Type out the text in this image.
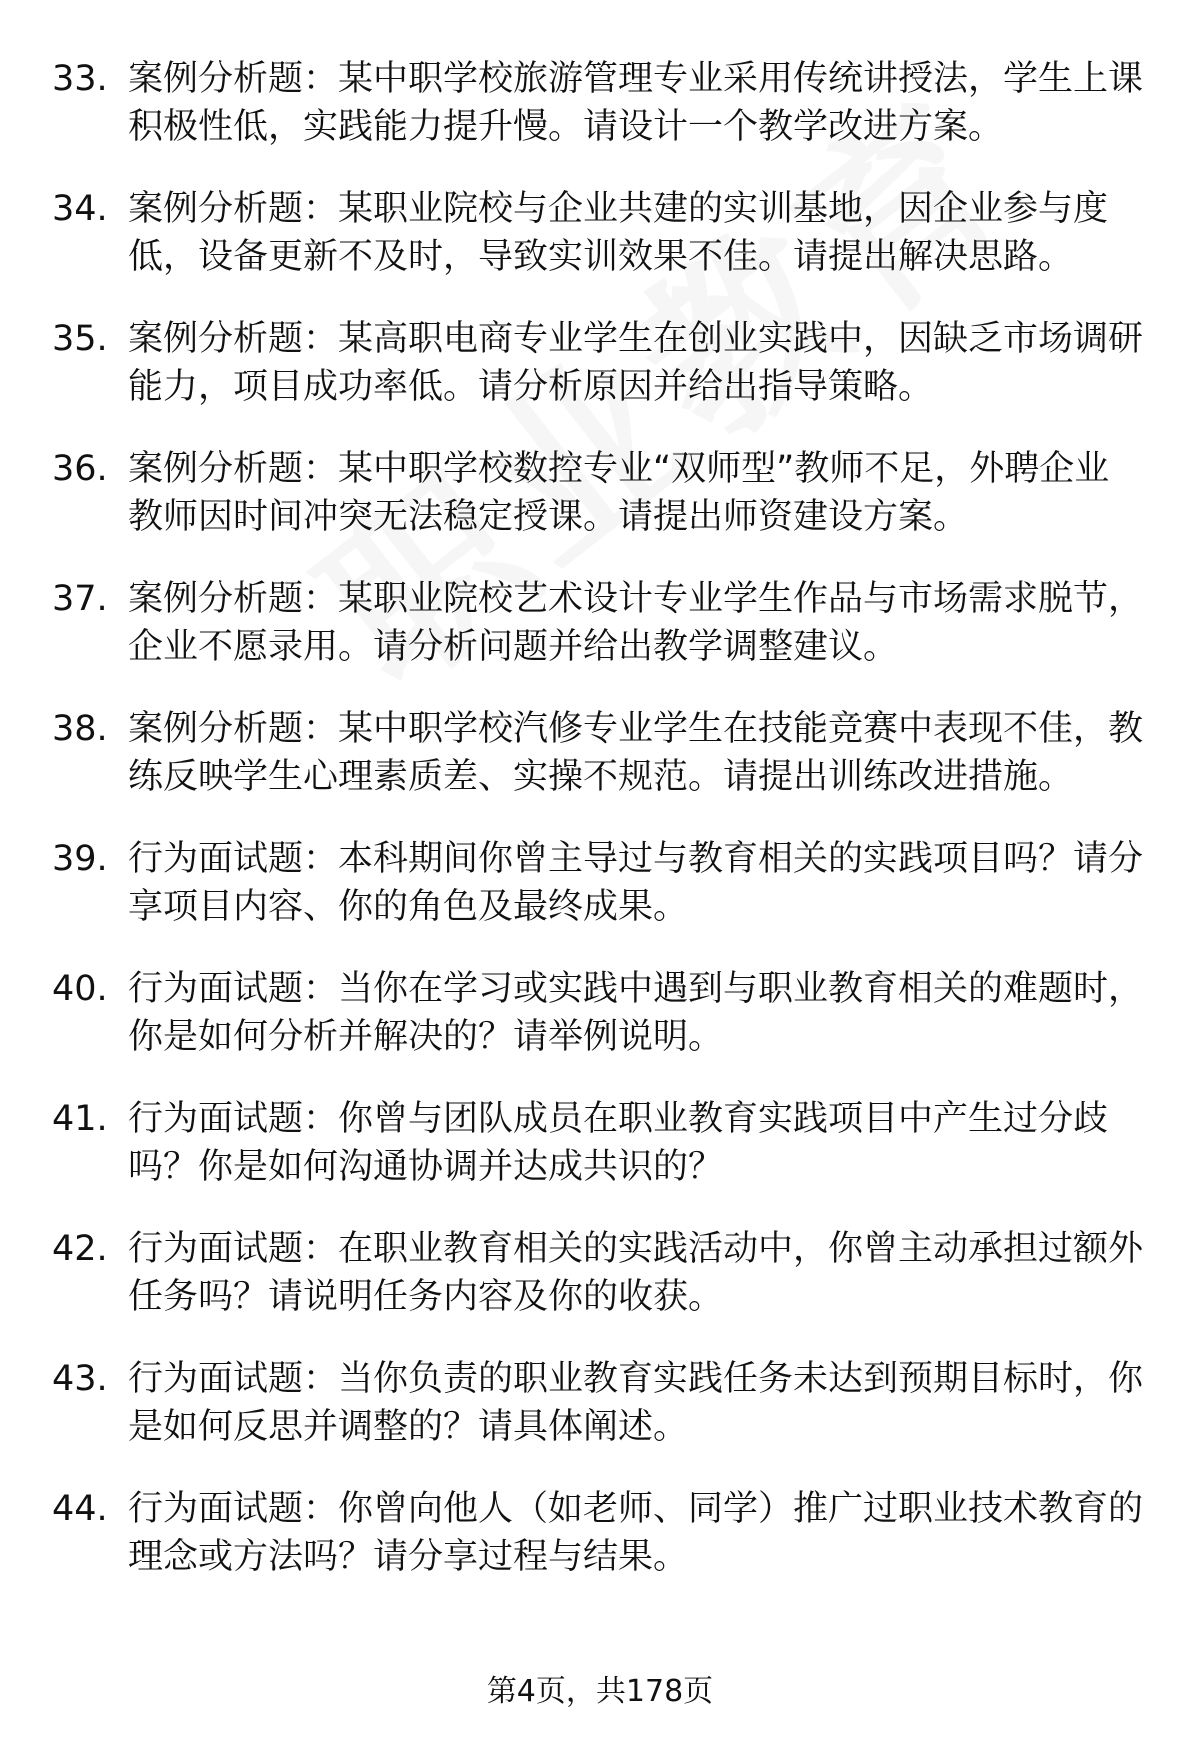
33. 案例分析题：某中职学校旅游管理专业采用传统讲授法，学生上课积极性低，实践能力提升慢。请设计一个教学改进方案。
34. 案例分析题：某职业院校与企业共建的实训基地，因企业参与度低，设备更新不及时，导致实训效果不佳。请提出解决思路。
35. 案例分析题：某高职电商专业学生在创业实践中，因缺乏市场调研能力，项目成功率低。请分析原因并给出指导策略。
36. 案例分析题：某中职学校数控专业“双师型”教师不足，外聘企业教师因时间冲突无法稳定授课。请提出师资建设方案。
37. 案例分析题：某职业院校艺术设计专业学生作品与市场需求脱节，企业不愿录用。请分析问题并给出教学调整建议。
38. 案例分析题：某中职学校汽修专业学生在技能竞赛中表现不佳，教练反映学生心理素质差、实操不规范。请提出训练改进措施。
39. 行为面试题：本科期间你曾主导过与教育相关的实践项目吗？请分享项目内容、你的角色及最终成果。
40. 行为面试题：当你在学习或实践中遇到与职业教育相关的难题时，你是如何分析并解决的？请举例说明。
41. 行为面试题：你曾与团队成员在职业教育实践项目中产生过分歧吗？你是如何沟通协调并达成共识的？
42. 行为面试题：在职业教育相关的实践活动中，你曾主动承担过额外任务吗？请说明任务内容及你的收获。
43. 行为面试题：当你负责的职业教育实践任务未达到预期目标时，你是如何反思并调整的？请具体阐述。
44. 行为面试题：你曾向他人（如老师、同学）推广过职业技术教育的理念或方法吗？请分享过程与结果。
第4页，共178页
